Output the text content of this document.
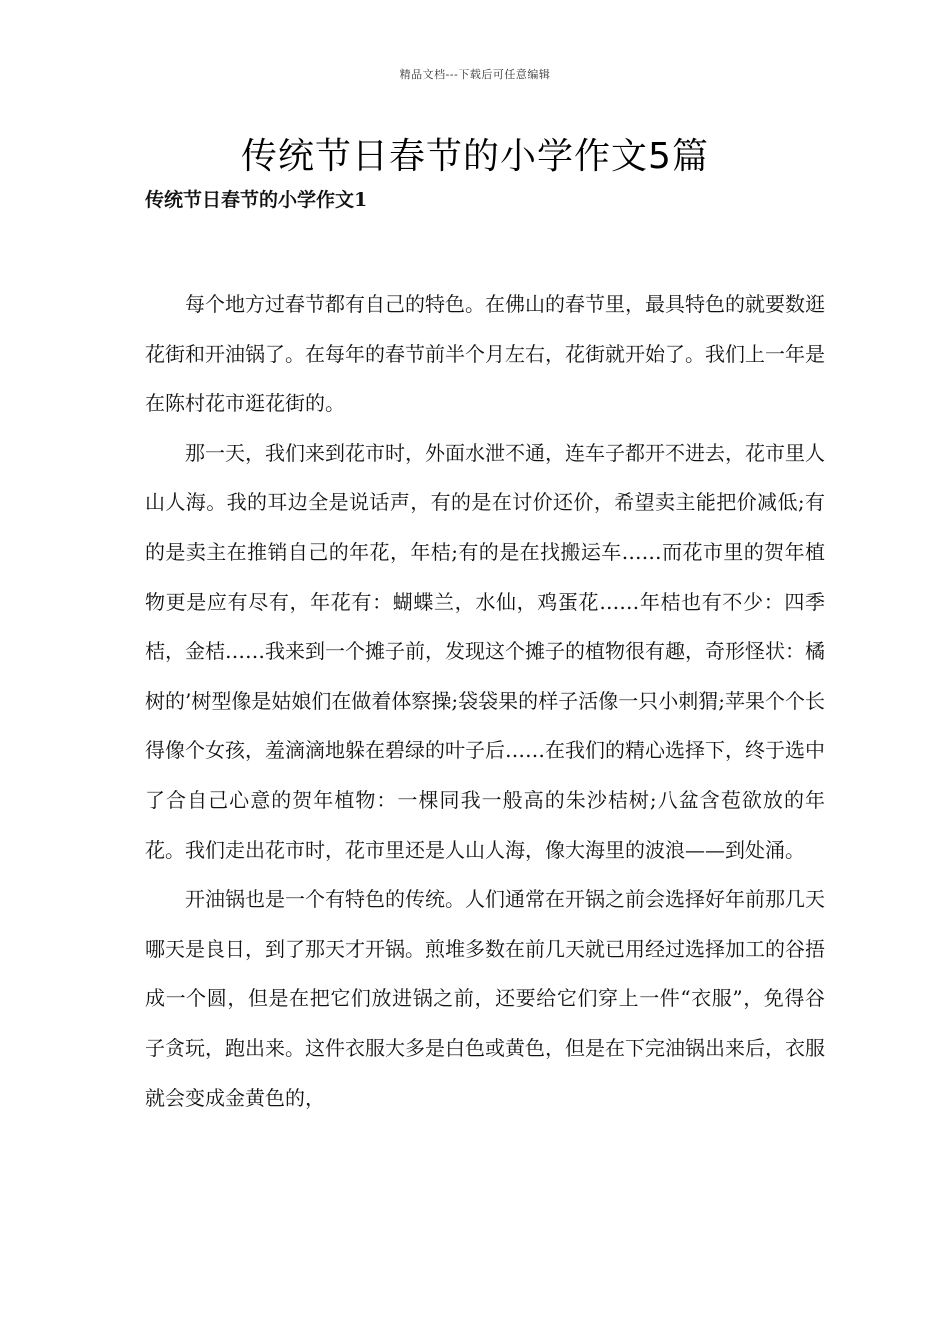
精品文档---下载后可任意编辑
传统节日春节的小学作文5篇
传统节日春节的小学作文1

每个地方过春节都有自己的特色。在佛山的春节里，最具特色的就要数逛花街和开油锅了。在每年的春节前半个月左右，花街就开始了。我们上一年是在陈村花市逛花街的。

那一天，我们来到花市时，外面水泄不通，连车子都开不进去，花市里人山人海。我的耳边全是说话声，有的是在讨价还价，希望卖主能把价减低;有的是卖主在推销自己的年花，年桔;有的是在找搬运车……而花市里的贺年植物更是应有尽有，年花有：蝴蝶兰，水仙，鸡蛋花……年桔也有不少：四季桔，金桔……我来到一个摊子前，发现这个摊子的植物很有趣，奇形怪状：橘树的’树型像是姑娘们在做着体察操;袋袋果的样子活像一只小刺猬;苹果个个长得像个女孩，羞滴滴地躲在碧绿的叶子后……在我们的精心选择下，终于选中了合自己心意的贺年植物：一棵同我一般高的朱沙桔树;八盆含苞欲放的年花。我们走出花市时，花市里还是人山人海，像大海里的波浪——到处涌。

开油锅也是一个有特色的传统。人们通常在开锅之前会选择好年前那几天哪天是良日，到了那天才开锅。煎堆多数在前几天就已用经过选择加工的谷捂成一个圆，但是在把它们放进锅之前，还要给它们穿上一件“衣服”，免得谷子贪玩，跑出来。这件衣服大多是白色或黄色，但是在下完油锅出来后，衣服就会变成金黄色的，
